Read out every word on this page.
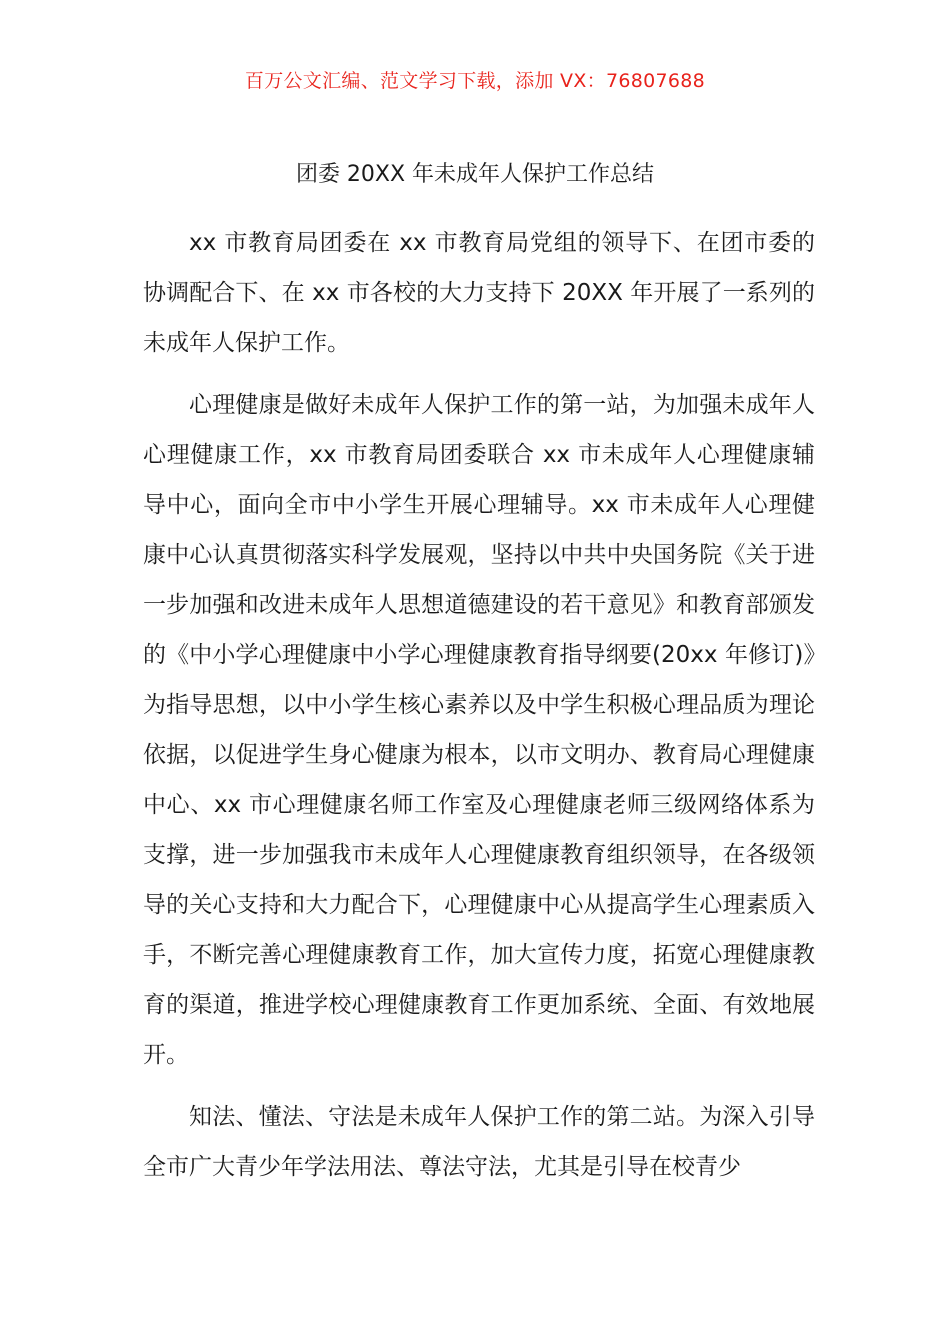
百万公文汇编、范文学习下载，添加 VX：76807688
团委 20XX 年未成年人保护工作总结

xx 市教育局团委在 xx 市教育局党组的领导下、在团市委的协调配合下、在 xx 市各校的大力支持下 20XX 年开展了一系列的未成年人保护工作。

心理健康是做好未成年人保护工作的第一站，为加强未成年人心理健康工作，xx 市教育局团委联合 xx 市未成年人心理健康辅导中心，面向全市中小学生开展心理辅导。xx 市未成年人心理健康中心认真贯彻落实科学发展观，坚持以中共中央国务院《关于进一步加强和改进未成年人思想道德建设的若干意见》和教育部颁发的《中小学心理健康中小学心理健康教育指导纲要(20xx 年修订)》为指导思想，以中小学生核心素养以及中学生积极心理品质为理论依据，以促进学生身心健康为根本，以市文明办、教育局心理健康中心、xx 市心理健康名师工作室及心理健康老师三级网络体系为支撑，进一步加强我市未成年人心理健康教育组织领导，在各级领导的关心支持和大力配合下，心理健康中心从提高学生心理素质入手，不断完善心理健康教育工作，加大宣传力度，拓宽心理健康教育的渠道，推进学校心理健康教育工作更加系统、全面、有效地展开。

知法、懂法、守法是未成年人保护工作的第二站。为深入引导全市广大青少年学法用法、尊法守法，尤其是引导在校青少
